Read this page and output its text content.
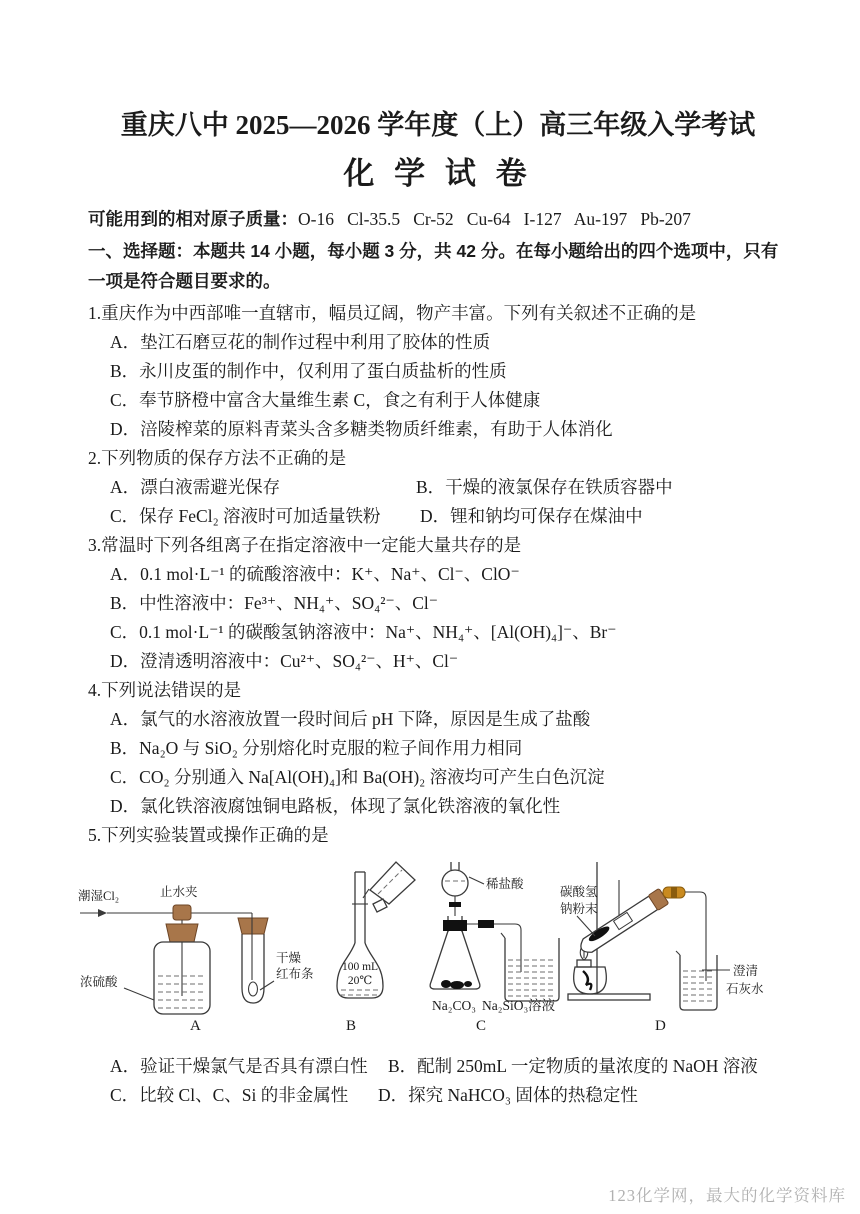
重庆八中 2025—2026 学年度（上）高三年级入学考试
化 学 试 卷

可能用到的相对原子质量：O-16   Cl-35.5   Cr-52   Cu-64   I-127   Au-197   Pb-207

一、选择题：本题共 14 小题，每小题 3 分，共 42 分。在每小题给出的四个选项中，只有一项是符合题目要求的。

1.重庆作为中西部唯一直辖市，幅员辽阔，物产丰富。下列有关叙述不正确的是
A．垫江石磨豆花的制作过程中利用了胶体的性质
B．永川皮蛋的制作中，仅利用了蛋白质盐析的性质
C．奉节脐橙中富含大量维生素 C，食之有利于人体健康
D．涪陵榨菜的原料青菜头含多糖类物质纤维素，有助于人体消化
2.下列物质的保存方法不正确的是
A．漂白液需避光保存	B．干燥的液氯保存在铁质容器中
C．保存 FeCl₂ 溶液时可加适量铁粉	D．锂和钠均可保存在煤油中
3.常温时下列各组离子在指定溶液中一定能大量共存的是
A．0.1 mol·L⁻¹ 的硫酸溶液中：K⁺、Na⁺、Cl⁻、ClO⁻
B．中性溶液中：Fe³⁺、NH₄⁺、SO₄²⁻、Cl⁻
C．0.1 mol·L⁻¹ 的碳酸氢钠溶液中：Na⁺、NH₄⁺、[Al(OH)₄]⁻、Br⁻
D．澄清透明溶液中：Cu²⁺、SO₄²⁻、H⁺、Cl⁻
4.下列说法错误的是
A．氯气的水溶液放置一段时间后 pH 下降，原因是生成了盐酸
B．Na₂O 与 SiO₂ 分别熔化时克服的粒子间作用力相同
C．CO₂ 分别通入 Na[Al(OH)₄]和 Ba(OH)₂ 溶液均可产生白色沉淀
D．氯化铁溶液腐蚀铜电路板，体现了氯化铁溶液的氧化性
5.下列实验装置或操作正确的是
潮湿Cl₂	止水夹
浓硫酸
干燥
红布条
A
100 mL
20℃
B
稀盐酸
Na₂CO₃ Na₂SiO₃溶液
C
碳酸氢
钠粉末
澄清
石灰水
D
A．验证干燥氯气是否具有漂白性	B．配制 250mL 一定物质的量浓度的 NaOH 溶液
C．比较 Cl、C、Si 的非金属性	D．探究 NaHCO₃ 固体的热稳定性
123化学网，最大的化学资料库
